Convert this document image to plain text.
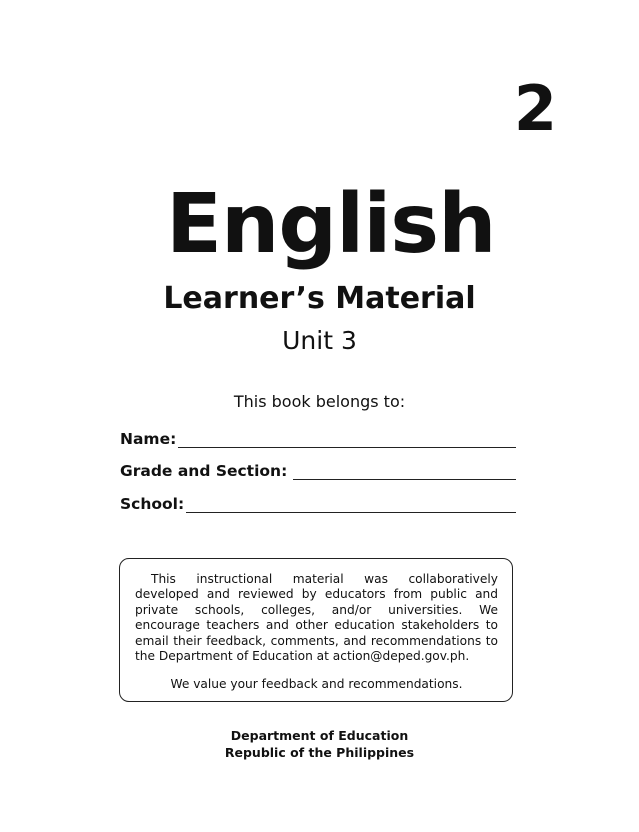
2
English
Learner’s Material
Unit 3
This book belongs to:
Name:
Grade and Section:
School:

This instructional material was collaboratively developed and reviewed by educators from public and private schools, colleges, and/or universities. We encourage teachers and other education stakeholders to email their feedback, comments, and recommendations to the Department of Education at action@deped.gov.ph.

We value your feedback and recommendations.

Department of Education
Republic of the Philippines
